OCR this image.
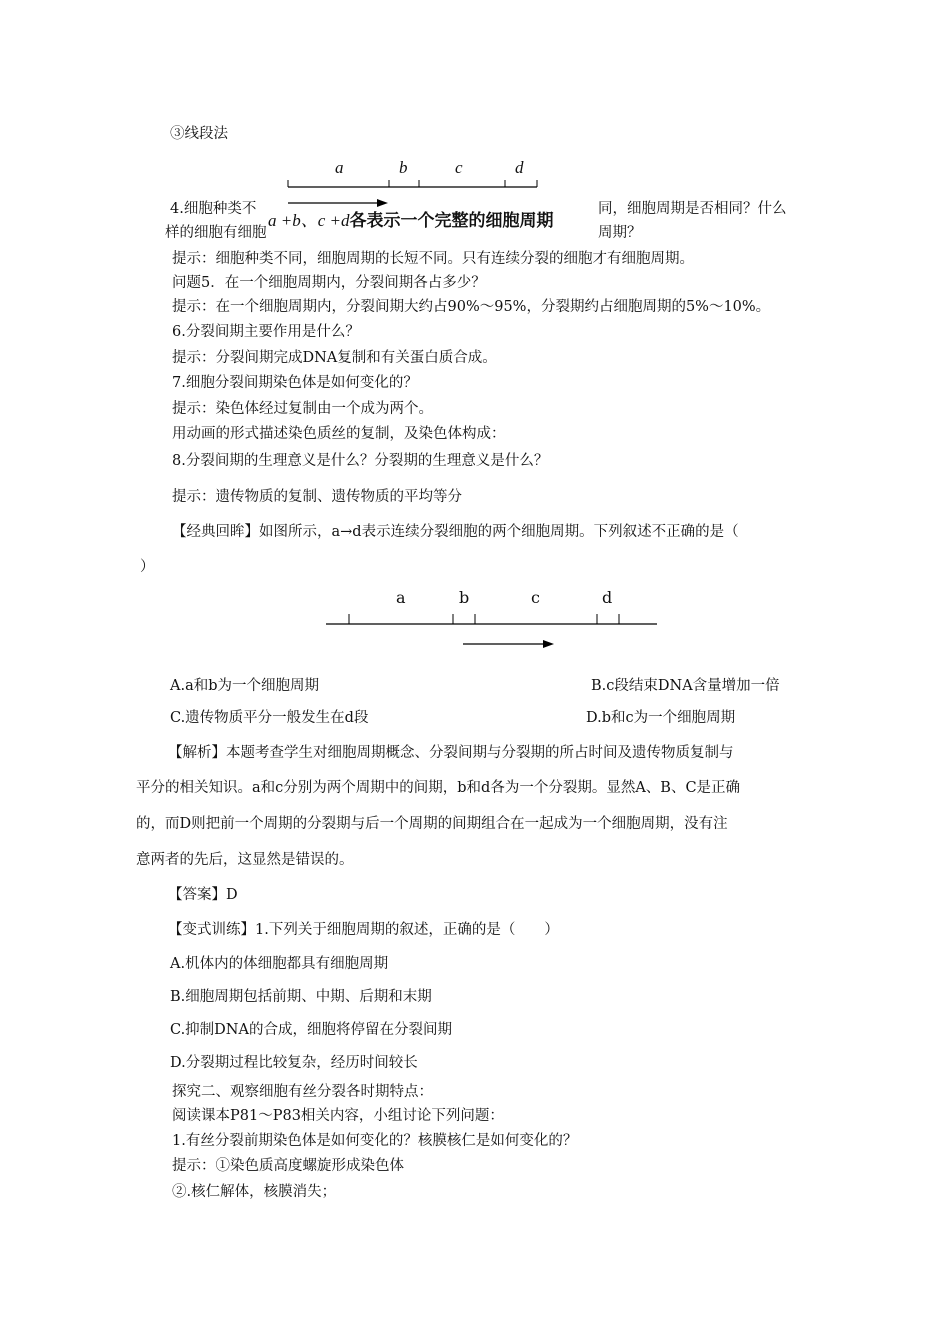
a	b	c	d
a +b、c +d各表示一个完整的细胞周期
③线段法
4.细胞种类不	同，细胞周期是否相同？什么
样的细胞有细胞	周期？
提示：细胞种类不同，细胞周期的长短不同。只有连续分裂的细胞才有细胞周期。
问题5．在一个细胞周期内，分裂间期各占多少？
提示：在一个细胞周期内，分裂间期大约占90%～95%，分裂期约占细胞周期的5%～10%。
6.分裂间期主要作用是什么？
提示：分裂间期完成DNA复制和有关蛋白质合成。
7.细胞分裂间期染色体是如何变化的？
提示：染色体经过复制由一个成为两个。
用动画的形式描述染色质丝的复制，及染色体构成：
8.分裂间期的生理意义是什么？分裂期的生理意义是什么？
提示：遗传物质的复制、遗传物质的平均等分
【经典回眸】如图所示，a→d表示连续分裂细胞的两个细胞周期。下列叙述不正确的是（
）
a	b	c	d
A.a和b为一个细胞周期	B.c段结束DNA含量增加一倍
C.遗传物质平分一般发生在d段	D.b和c为一个细胞周期
【解析】本题考查学生对细胞周期概念、分裂间期与分裂期的所占时间及遗传物质复制与
平分的相关知识。a和c分别为两个周期中的间期，b和d各为一个分裂期。显然A、B、C是正确
的，而D则把前一个周期的分裂期与后一个周期的间期组合在一起成为一个细胞周期，没有注
意两者的先后，这显然是错误的。
【答案】D
【变式训练】1.下列关于细胞周期的叙述，正确的是（　　）
A.机体内的体细胞都具有细胞周期
B.细胞周期包括前期、中期、后期和末期
C.抑制DNA的合成，细胞将停留在分裂间期
D.分裂期过程比较复杂，经历时间较长
探究二、观察细胞有丝分裂各时期特点：
阅读课本P81～P83相关内容，小组讨论下列问题：
1.有丝分裂前期染色体是如何变化的？核膜核仁是如何变化的？
提示：①染色质高度螺旋形成染色体
②.核仁解体，核膜消失；
